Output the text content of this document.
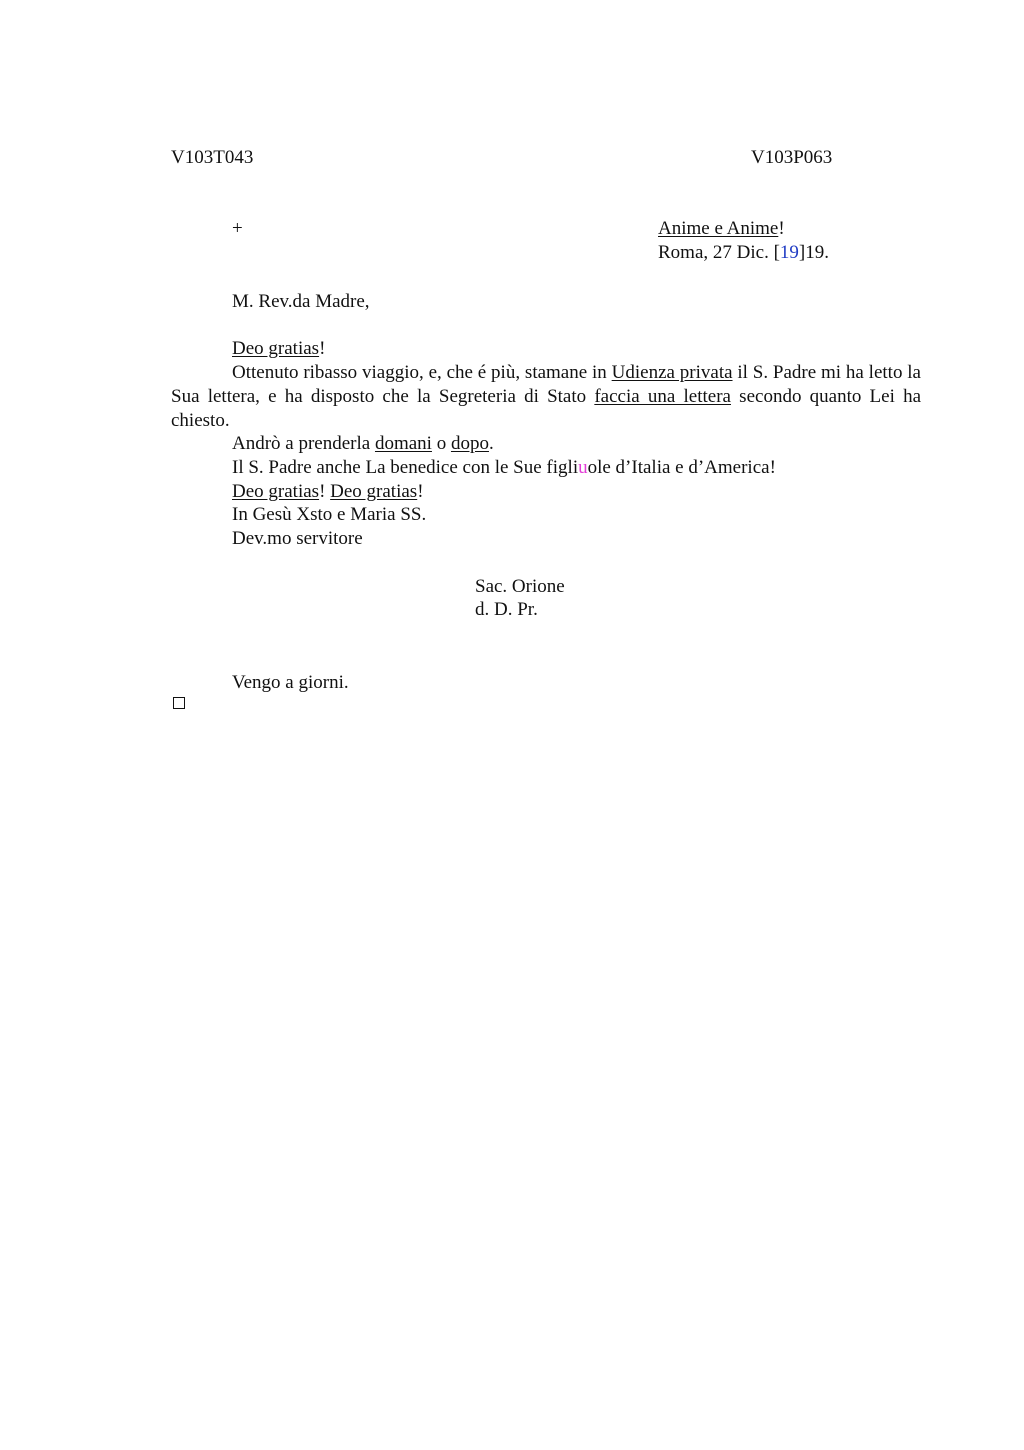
V103T043	V103P063
+	Anime e Anime!
Roma, 27 Dic. [19]19.
M. Rev.da Madre,
Deo gratias!

Ottenuto ribasso viaggio, e, che é più, stamane in Udienza privata il S. Padre mi ha letto la Sua lettera, e ha disposto che la Segreteria di Stato faccia una lettera secondo quanto Lei ha chiesto.

Andrò a prenderla domani o dopo.
Il S. Padre anche La benedice con le Sue figliuole d’Italia e d’America!
Deo gratias! Deo gratias!
In Gesù Xsto e Maria SS.
Dev.mo servitore
Sac. Orione
d. D. Pr.
Vengo a giorni.
